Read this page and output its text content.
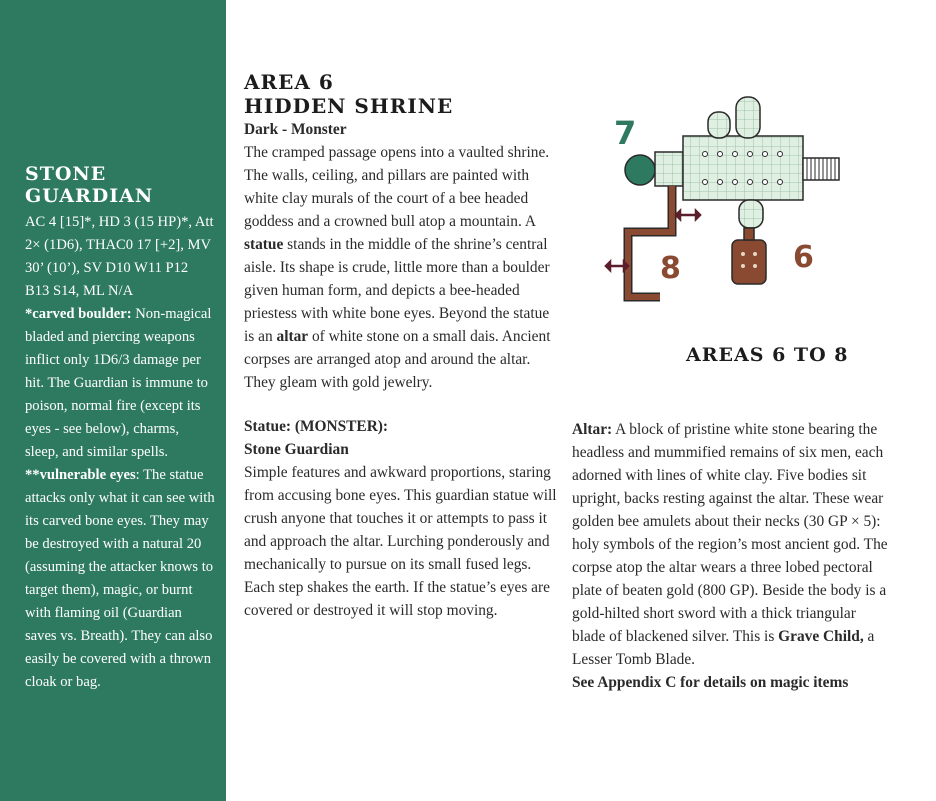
STONE GUARDIAN
AC 4 [15]*, HD 3 (15 HP)*, Att 2× (1D6), THAC0 17 [+2], MV 30’ (10’), SV D10 W11 P12 B13 S14, ML N/A

*carved boulder: Non-magical bladed and piercing weapons inflict only 1D6/3 damage per hit. The Guardian is immune to poison, normal fire (except its eyes - see below), charms, sleep, and similar spells.

**vulnerable eyes: The statue attacks only what it can see with its carved bone eyes. They may be destroyed with a natural 20 (assuming the attacker knows to target them), magic, or burnt with flaming oil (Guardian saves vs. Breath). They can also easily be covered with a thrown cloak or bag.

AREA 6
HIDDEN SHRINE
Dark - Monster

The cramped passage opens into a vaulted shrine. The walls, ceiling, and pillars are painted with white clay murals of the court of a bee headed goddess and a crowned bull atop a mountain. A statue stands in the middle of the shrine’s central aisle. Its shape is crude, little more than a boulder given human form, and depicts a bee-headed priestess with white bone eyes. Beyond the statue is an altar of white stone on a small dais. Ancient corpses are arranged atop and around the altar. They gleam with gold jewelry.

Statue: (MONSTER):
Stone Guardian

Simple features and awkward proportions, staring from accusing bone eyes. This guardian statue will crush anyone that touches it or attempts to pass it and approach the altar. Lurching ponderously and mechanically to pursue on its small fused legs. Each step shakes the earth. If the statue’s eyes are covered or destroyed it will stop moving.

7
8	6
AREAS 6 TO 8

Altar: A block of pristine white stone bearing the headless and mummified remains of six men, each adorned with lines of white clay. Five bodies sit upright, backs resting against the altar. These wear golden bee amulets about their necks (30 GP × 5): holy symbols of the region’s most ancient god. The corpse atop the altar wears a three lobed pectoral plate of beaten gold (800 GP). Beside the body is a gold-hilted short sword with a thick triangular blade of blackened silver. This is Grave Child, a Lesser Tomb Blade.

See Appendix C for details on magic items
